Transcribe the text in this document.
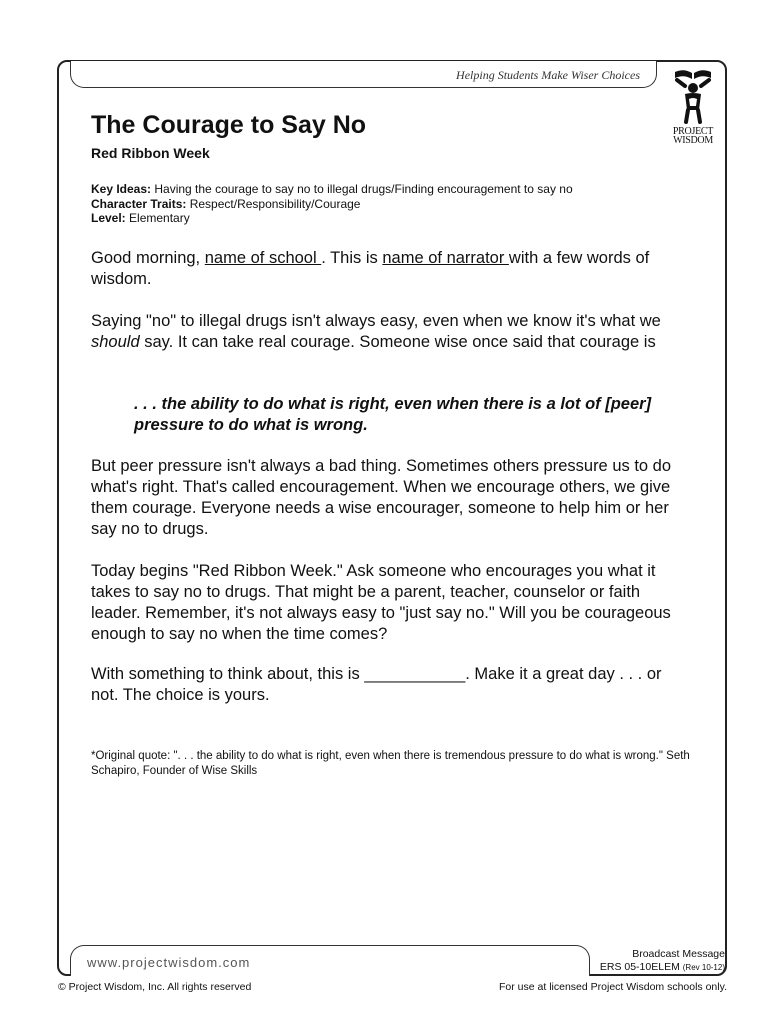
Helping Students Make Wiser Choices
PROJECT
WISDOM
The Courage to Say No
Red Ribbon Week
Key Ideas: Having the courage to say no to illegal drugs/Finding encouragement to say no
Character Traits: Respect/Responsibility/Courage
Level: Elementary

Good morning, name of school . This is name of narrator with a few words of wisdom.

Saying "no" to illegal drugs isn't always easy, even when we know it's what we should say. It can take real courage. Someone wise once said that courage is

. . . the ability to do what is right, even when there is a lot of [peer] pressure to do what is wrong.

But peer pressure isn't always a bad thing. Sometimes others pressure us to do what's right. That's called encouragement. When we encourage others, we give them courage. Everyone needs a wise encourager, someone to help him or her say no to drugs.

Today begins "Red Ribbon Week." Ask someone who encourages you what it takes to say no to drugs. That might be a parent, teacher, counselor or faith leader. Remember, it's not always easy to "just say no." Will you be courageous enough to say no when the time comes?

With something to think about, this is ___________. Make it a great day . . . or not. The choice is yours.

*Original quote: ". . . the ability to do what is right, even when there is tremendous pressure to do what is wrong." Seth Schapiro, Founder of Wise Skills
www.projectwisdom.com
Broadcast Message
ERS 05-10ELEM (Rev 10-12)
© Project Wisdom, Inc. All rights reserved	For use at licensed Project Wisdom schools only.
